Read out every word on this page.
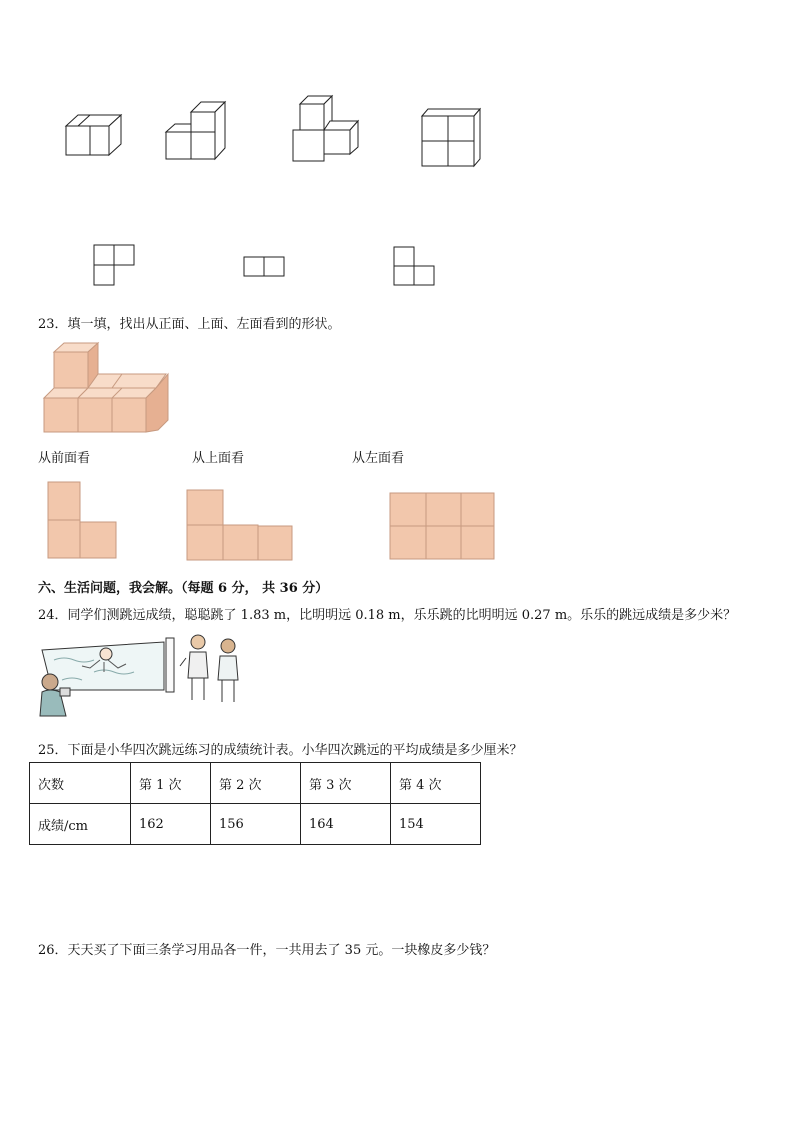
23．填一填，找出从正面、上面、左面看到的形状。
从前面看	从上面看	从左面看
六、生活问题，我会解。（每题 6 分， 共 36 分）
24．同学们测跳远成绩，聪聪跳了 1.83 m，比明明远 0.18 m，乐乐跳的比明明远 0.27 m。乐乐的跳远成绩是多少米？
25．下面是小华四次跳远练习的成绩统计表。小华四次跳远的平均成绩是多少厘米？
次数	第 1 次	第 2 次	第 3 次	第 4 次
成绩/cm	162	156	164	154
26．天天买了下面三条学习用品各一件，一共用去了 35 元。一块橡皮多少钱？
